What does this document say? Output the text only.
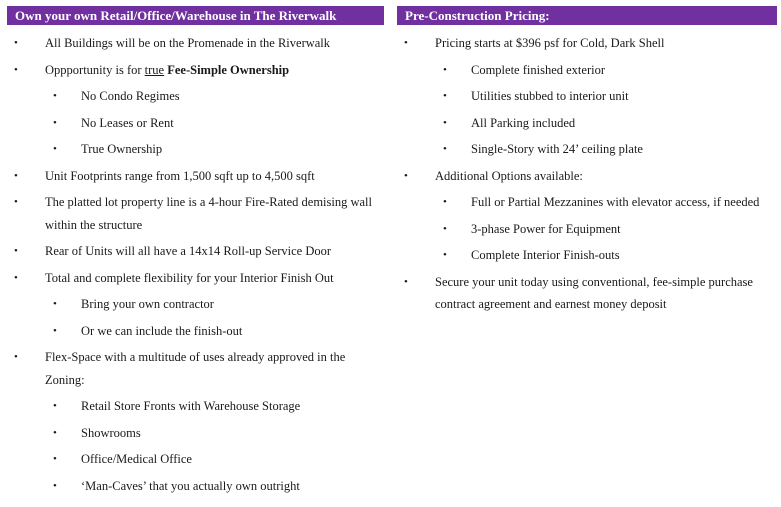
Own your own Retail/Office/Warehouse in The Riverwalk
• All Buildings will be on the Promenade in the Riverwalk
• Oppportunity is for true Fee-Simple Ownership
• No Condo Regimes
• No Leases or Rent
• True Ownership
• Unit Footprints range from 1,500 sqft up to 4,500 sqft
• The platted lot property line is a 4-hour Fire-Rated demising wall within the structure
• Rear of Units will all have a 14x14 Roll-up Service Door
• Total and complete flexibility for your Interior Finish Out
• Bring your own contractor
• Or we can include the finish-out
• Flex-Space with a multitude of uses already approved in the Zoning:
• Retail Store Fronts with Warehouse Storage
• Showrooms
• Office/Medical Office
• ‘Man-Caves’ that you actually own outright
Pre-Construction Pricing:
• Pricing starts at $396 psf for Cold, Dark Shell
• Complete finished exterior
• Utilities stubbed to interior unit
• All Parking included
• Single-Story with 24’ ceiling plate
• Additional Options available:
• Full or Partial Mezzanines with elevator access, if needed
• 3-phase Power for Equipment
• Complete Interior Finish-outs
• Secure your unit today using conventional, fee-simple purchase contract agreement and earnest money deposit
